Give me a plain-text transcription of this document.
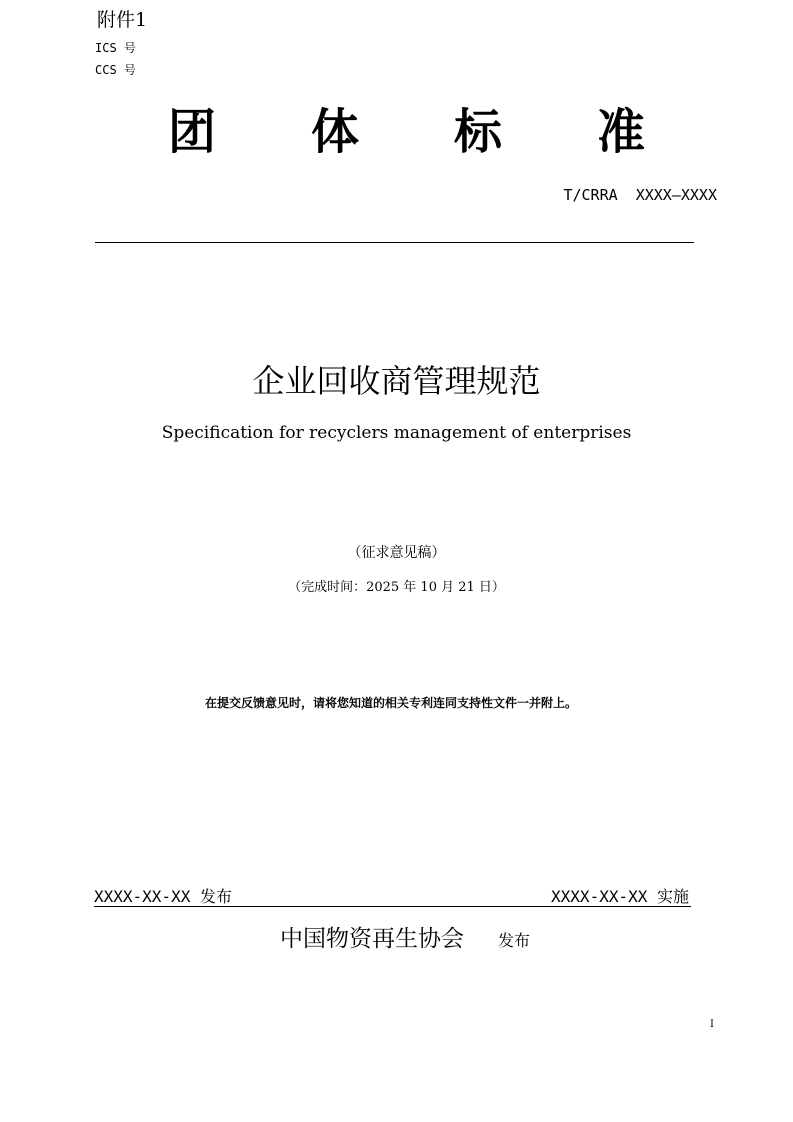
附件1
ICS 号
CCS 号
团 体 标 准
T/CRRA  XXXX—XXXX
企业回收商管理规范
Specification for recyclers management of enterprises
（征求意见稿）
（完成时间：2025 年 10 月 21 日）
在提交反馈意见时，请将您知道的相关专利连同支持性文件一并附上。
XXXX-XX-XX 发布	XXXX-XX-XX 实施
中国物资再生协会 发布
I
